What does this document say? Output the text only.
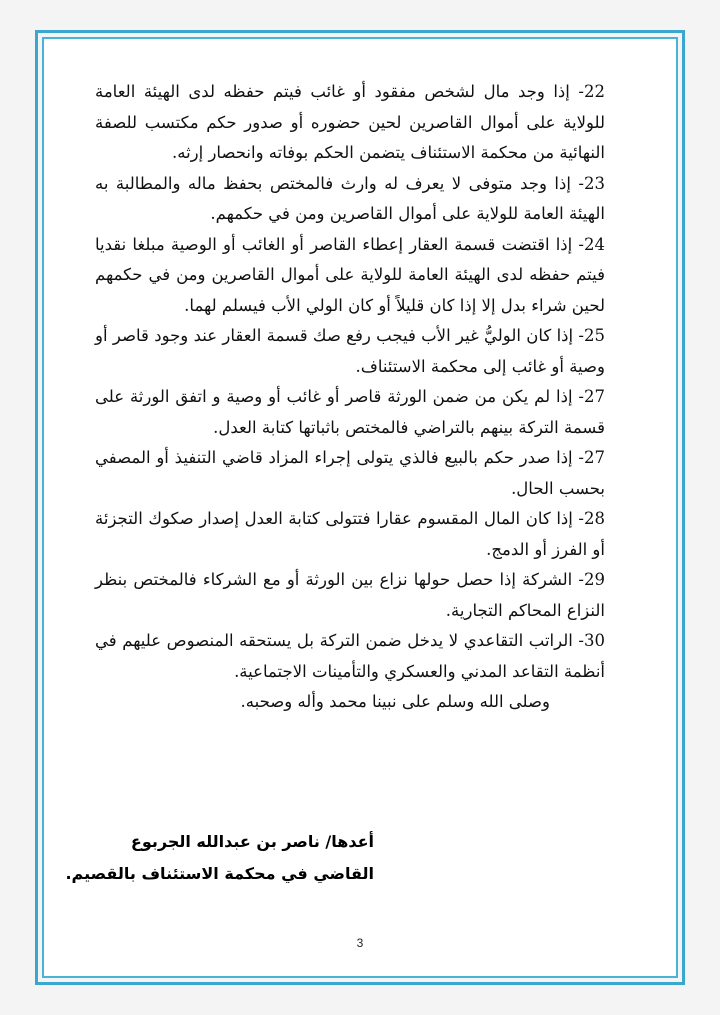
22- إذا وجد مال لشخص مفقود أو غائب فيتم حفظه لدى الهيئة العامة للولاية على أموال القاصرين لحين حضوره أو صدور حكم مكتسب للصفة النهائية من محكمة الاستئناف يتضمن الحكم بوفاته وانحصار إرثه.

23- إذا وجد متوفى لا يعرف له وارث فالمختص بحفظ ماله والمطالبة به الهيئة العامة للولاية على أموال القاصرين ومن في حكمهم.

24- إذا اقتضت قسمة العقار إعطاء القاصر أو الغائب أو الوصية مبلغا نقديا فيتم حفظه لدى الهيئة العامة للولاية على أموال القاصرين ومن في حكمهم لحين شراء بدل إلا إذا كان قليلاً أو كان الولي الأب فيسلم لهما.

25- إذا كان الوليُّ غير الأب فيجب رفع صك قسمة العقار عند وجود قاصر أو وصية أو غائب إلى محكمة الاستئناف.

27- إذا لم يكن من ضمن الورثة قاصر أو غائب أو وصية و اتفق الورثة على قسمة التركة بينهم بالتراضي فالمختص باثباتها كتابة العدل.

27- إذا صدر حكم بالبيع فالذي يتولى إجراء المزاد قاضي التنفيذ أو المصفي بحسب الحال.

28- إذا كان المال المقسوم عقارا فتتولى كتابة العدل إصدار صكوك التجزئة أو الفرز أو الدمج.

29- الشركة إذا حصل حولها نزاع بين الورثة أو مع الشركاء فالمختص بنظر النزاع المحاكم التجارية.

30- الراتب التقاعدي لا يدخل ضمن التركة بل يستحقه المنصوص عليهم في أنظمة التقاعد المدني والعسكري والتأمينات الاجتماعية.

وصلى الله وسلم على نبينا محمد وأله وصحبه.

أعدها/ ناصر بن عبدالله الجربوع
القاضي في محكمة الاستئناف بالقصيم.
3
